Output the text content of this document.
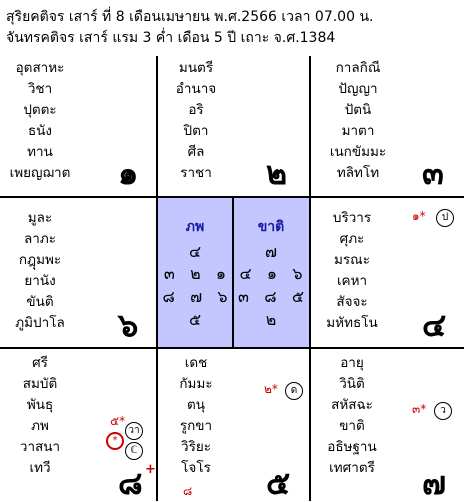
สุริยคติจร เสาร์ ที่ 8 เดือนเมษายน พ.ศ.2566 เวลา 07.00 น.
จันทรคติจร เสาร์ แรม 3 ค่ำ เดือน 5 ปี เถาะ จ.ศ.1384
อุตสาหะ
วิชา
ปุตตะ
ธนัง
ทาน
เพยญฌาต ๑
มนตรี
อำนาจ
อริ
ปิตา
ศีล
ราชา	๒
กาลกิณี
ปัญญา
ปัตนิ
มาตา
เนกขัมมะ
ทลิทโท	๓
มูละ
ลาภะ
กฎุมพะ
ยานัง
ขันติ
ภูมิปาโล	๖
ภพ
๔
๓ ๒ ๑
๘ ๗ ๖
๕
ขาติ
๗
๔ ๑ ๖
๓ ๘ ๕
๒
บริวาร
ศุภะ
มรณะ
เคหา
สัจจะ
มหัทธโน
๑*	ป
๔
ศรี
สมบัติ
พันธุ
ภพ
วาสนา
เทวี
๕*
วา
*
ℂ
๘ +
เดช
กัมมะ
ตนุ
รูกขา
วิริยะ
โจโร
๒*	ด
๘ ๕
อายุ
วินิติ
สหัสฉะ
ขาติ
อธิษฐาน
เทศาตรี
๓*	ว
๗
